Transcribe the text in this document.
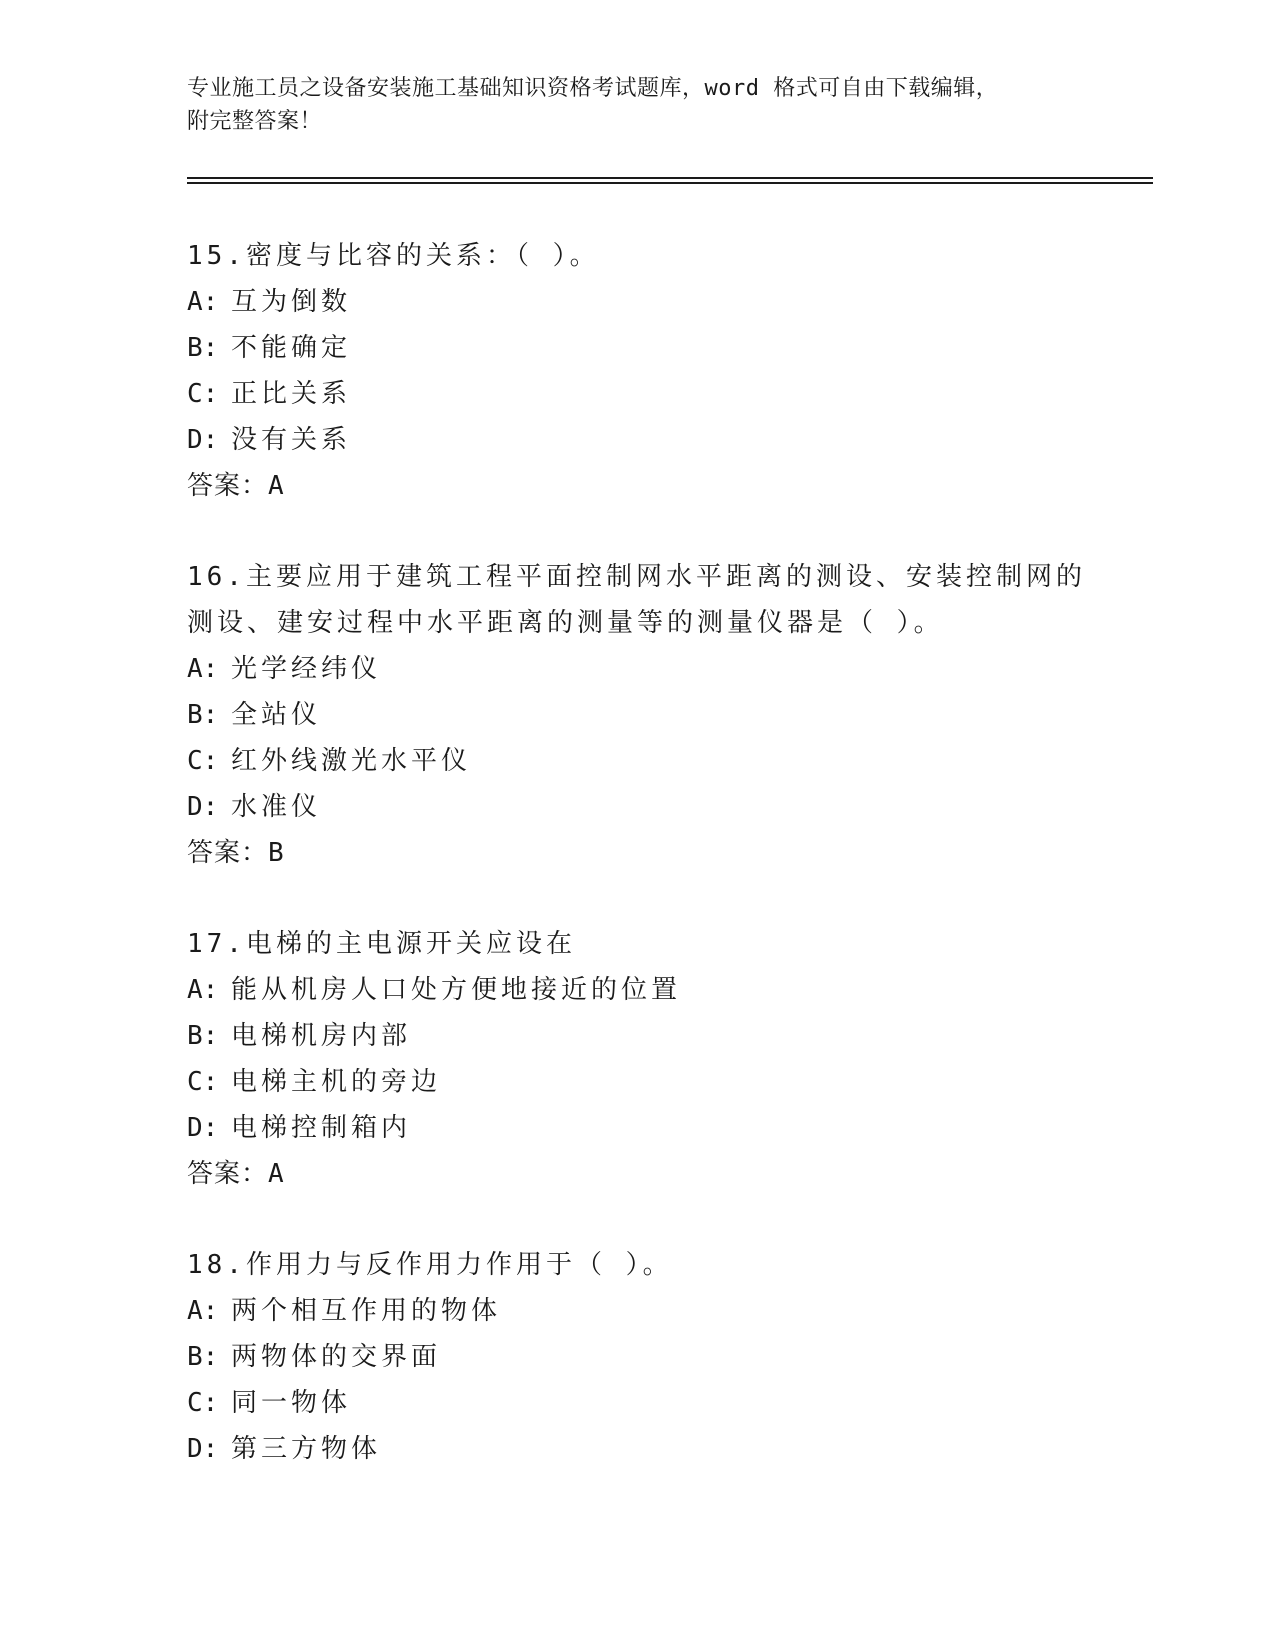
专业施工员之设备安装施工基础知识资格考试题库，word 格式可自由下载编辑，
附完整答案！
15.密度与比容的关系：（ ）。
A: 互为倒数
B: 不能确定
C: 正比关系
D: 没有关系
答案：A
16.主要应用于建筑工程平面控制网水平距离的测设、安装控制网的测设、建安过程中水平距离的测量等的测量仪器是（ ）。
A: 光学经纬仪
B: 全站仪
C: 红外线激光水平仪
D: 水准仪
答案：B
17.电梯的主电源开关应设在
A: 能从机房人口处方便地接近的位置
B: 电梯机房内部
C: 电梯主机的旁边
D: 电梯控制箱内
答案：A
18.作用力与反作用力作用于（ ）。
A: 两个相互作用的物体
B: 两物体的交界面
C: 同一物体
D: 第三方物体
